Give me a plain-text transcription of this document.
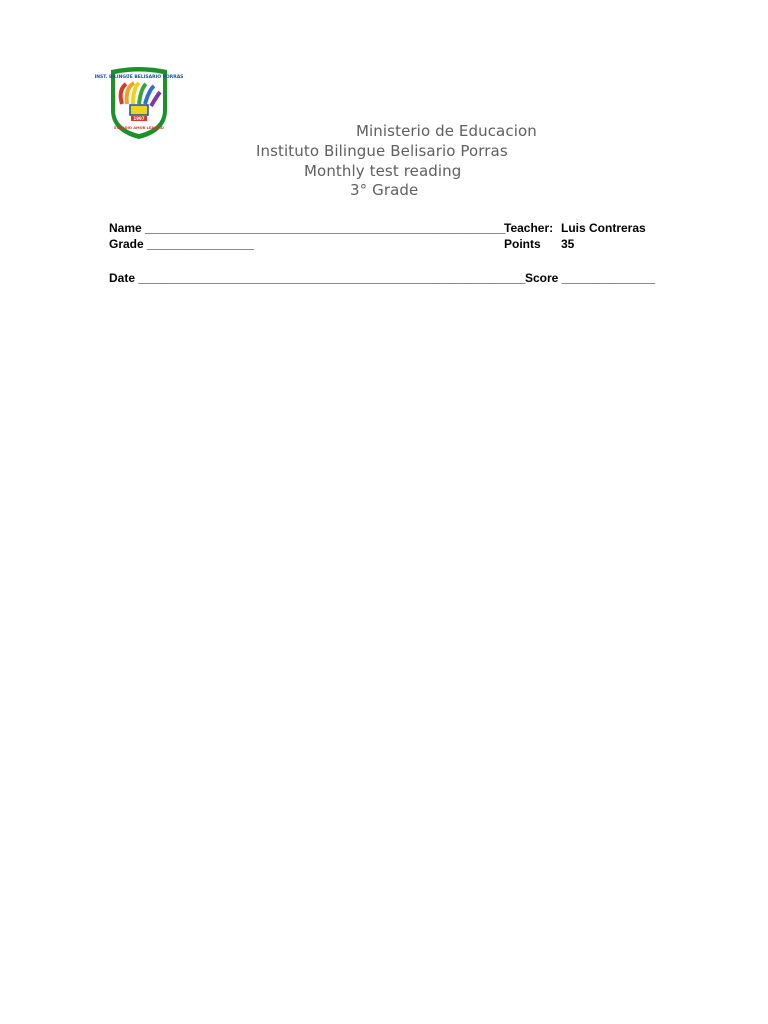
INST. BILINGÜE BELISARIO PORRAS
1997
ESTUDIO AMOR LEALTAD	Ministerio de Educacion
Instituto Bilingue Belisario Porras
Monthly test reading
3° Grade
Name ______________________________________________________
Teacher: Luis Contreras
Grade ________________	Points 35
Date __________________________________________________________ Score ______________
